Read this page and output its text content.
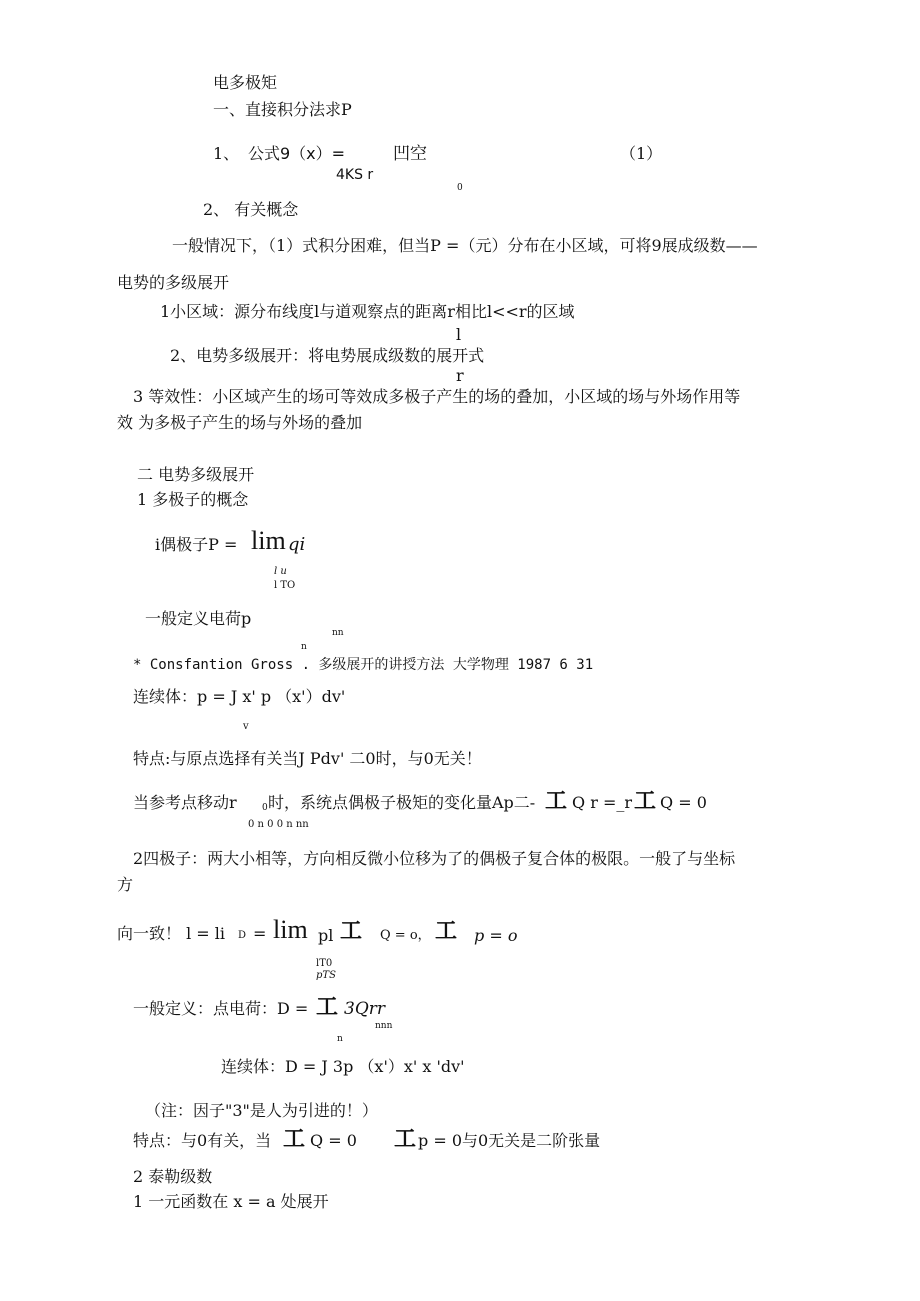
电多极矩
一、直接积分法求P
1、 公式9（x）=	凹空
4KS r
0
（1）
2、 有关概念
一般情况下，（1）式积分困难，但当P =（元）分布在小区域，可将9展成级数——
电势的多级展开
1小区域：源分布线度l与道观察点的距离r相比l<<r的区域
l
2、电势多级展开：将电势展成级数的展开式
r
3 等效性：小区域产生的场可等效成多极子产生的场的叠加，小区域的场与外场作用等
效 为多极子产生的场与外场的叠加
二 电势多级展开
1 多极子的概念
i偶极子P = lim qi
l u
l TO
一般定义电荷p
nn
n
* Consfantion Gross . 多级展开的讲授方法 大学物理 1987 6 31
连续体：p = J x' p （x'）dv'
v
特点:与原点选择有关当J Pdv' 二0时，与0无关！
当参考点移动r	0 时，系统点偶极子极矩的变化量Ap二- 工 Q r =_r 工 Q = 0
0 n 0 0 n nn
2四极子：两大小相等，方向相反微小位移为了的偶极子复合体的极限。一般了与坐标
方
向一致！ l = li D = lim pl 工 Q = o， 工 p = o
lT0
pTS
一般定义：点电荷：D = 工 3Qrr
nnn
n
连续体：D = J 3p （x'）x' x 'dv'
（注：因子"3"是人为引进的！）
特点：与0有关，当 工 Q = 0 工 p = 0与0无关是二阶张量
2 泰勒级数
1 一元函数在 x = a 处展开
